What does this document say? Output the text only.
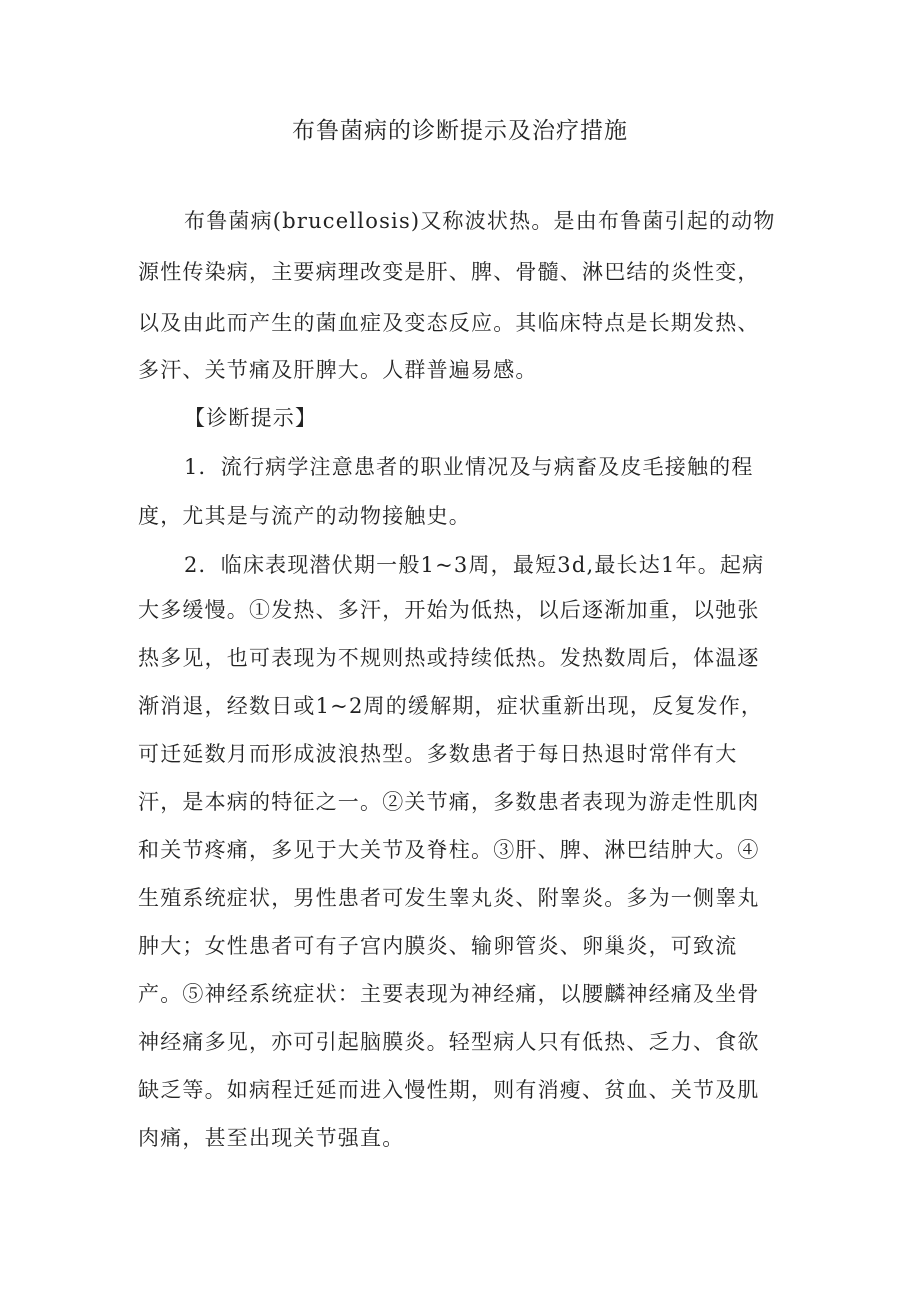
布鲁菌病的诊断提示及治疗措施
布鲁菌病(brucellosis)又称波状热。是由布鲁菌引起的动物
源性传染病，主要病理改变是肝、脾、骨髓、淋巴结的炎性变，
以及由此而产生的菌血症及变态反应。其临床特点是长期发热、
多汗、关节痛及肝脾大。人群普遍易感。
【诊断提示】
1．流行病学注意患者的职业情况及与病畜及皮毛接触的程
度，尤其是与流产的动物接触史。
2．临床表现潜伏期一般1~3周，最短3d,最长达1年。起病
大多缓慢。①发热、多汗，开始为低热，以后逐渐加重，以弛张
热多见，也可表现为不规则热或持续低热。发热数周后，体温逐
渐消退，经数日或1~2周的缓解期，症状重新出现，反复发作，
可迁延数月而形成波浪热型。多数患者于每日热退时常伴有大
汗，是本病的特征之一。②关节痛，多数患者表现为游走性肌肉
和关节疼痛，多见于大关节及脊柱。③肝、脾、淋巴结肿大。④
生殖系统症状，男性患者可发生睾丸炎、附睾炎。多为一侧睾丸
肿大；女性患者可有子宫内膜炎、输卵管炎、卵巢炎，可致流
产。⑤神经系统症状：主要表现为神经痛，以腰麟神经痛及坐骨
神经痛多见，亦可引起脑膜炎。轻型病人只有低热、乏力、食欲
缺乏等。如病程迁延而进入慢性期，则有消瘦、贫血、关节及肌
肉痛，甚至出现关节强直。
